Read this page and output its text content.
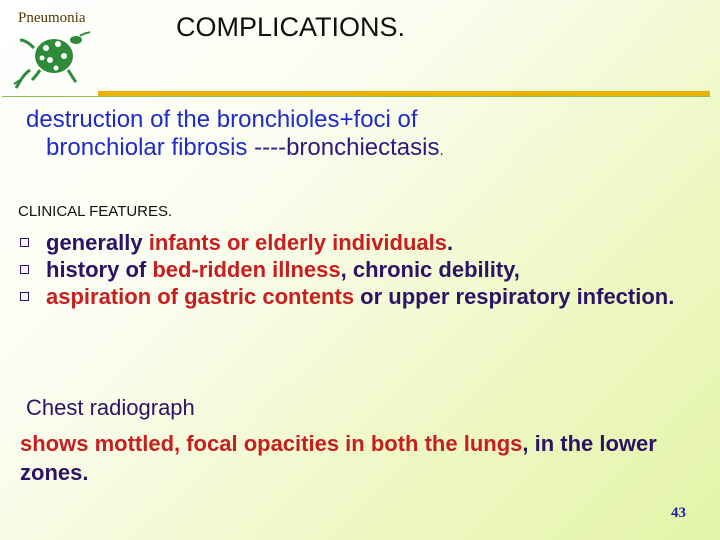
Pneumonia	COMPLICATIONS.
destruction of the bronchioles+foci of
bronchiolar fibrosis ----bronchiectasis.
CLINICAL FEATURES.
generally infants or elderly individuals.
history of bed-ridden illness, chronic debility,
aspiration of gastric contents or upper respiratory infection.
Chest radiograph
shows mottled, focal opacities in both the lungs, in the lower zones.
43
